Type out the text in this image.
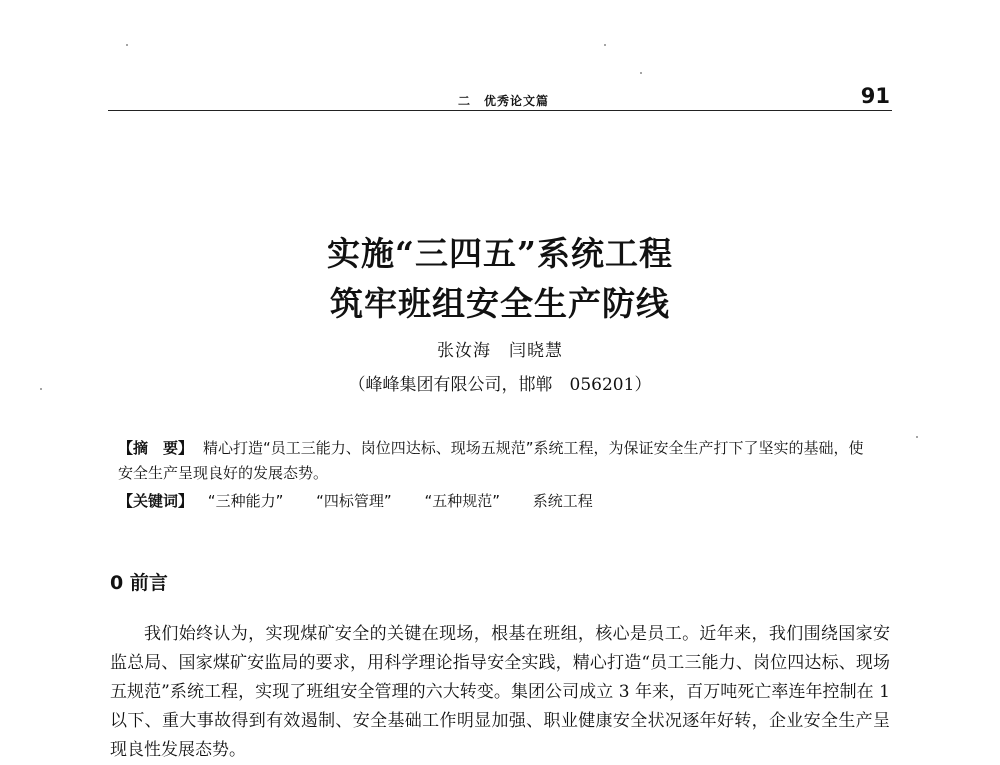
二　优秀论文篇	91
实施“三四五”系统工程
筑牢班组安全生产防线
张汝海　闫晓慧
（峰峰集团有限公司，邯郸　056201）
【摘　要】 精心打造“员工三能力、岗位四达标、现场五规范”系统工程，为保证安全生产打下了坚实的基础，使安全生产呈现良好的发展态势。
【关键词】 “三种能力” “四标管理” “五种规范” 系统工程
0 前言

我们始终认为，实现煤矿安全的关键在现场，根基在班组，核心是员工。近年来，我们围绕国家安监总局、国家煤矿安监局的要求，用科学理论指导安全实践，精心打造“员工三能力、岗位四达标、现场五规范”系统工程，实现了班组安全管理的六大转变。集团公司成立 3 年来，百万吨死亡率连年控制在 1 以下、重大事故得到有效遏制、安全基础工作明显加强、职业健康安全状况逐年好转，企业安全生产呈现良性发展态势。
